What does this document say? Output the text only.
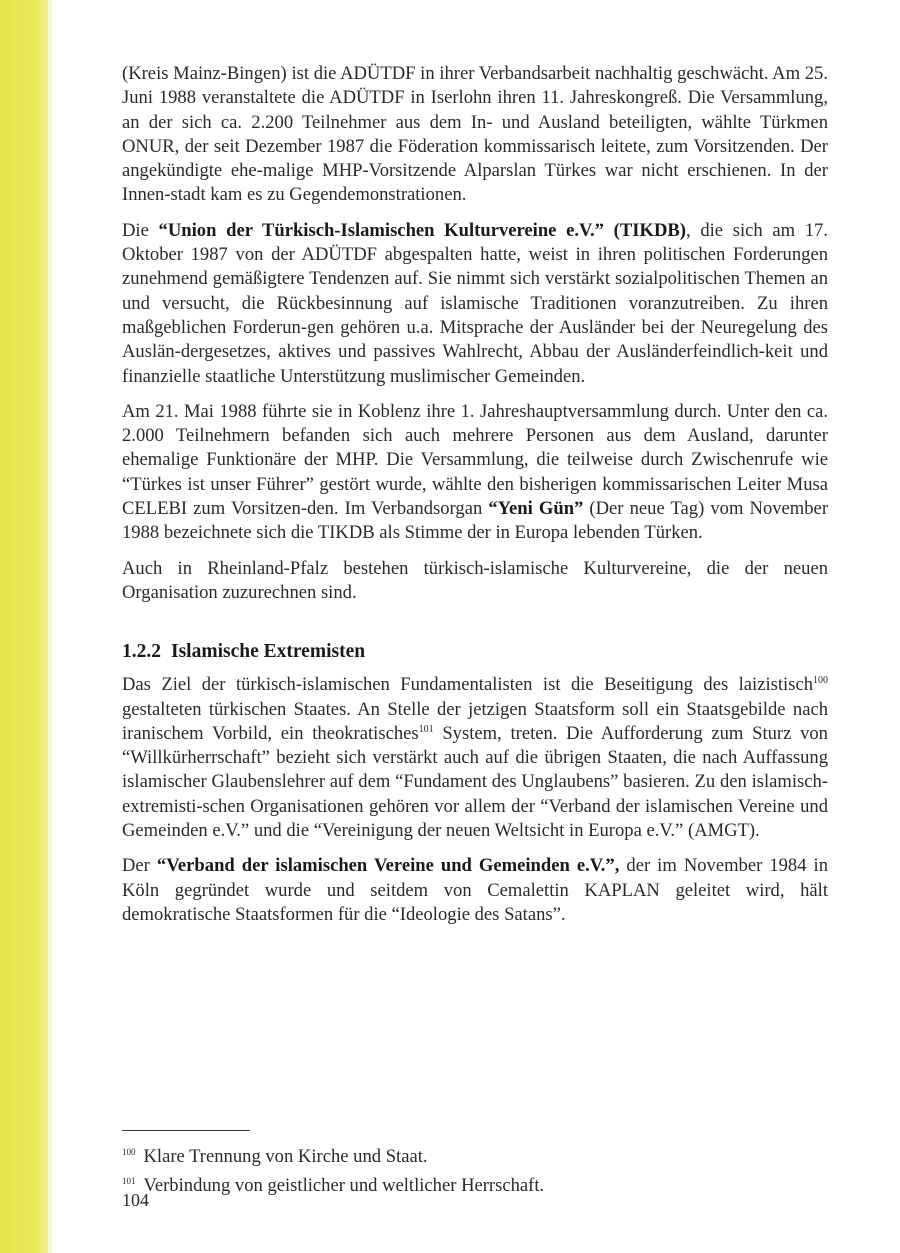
(Kreis Mainz-Bingen) ist die ADÜTDF in ihrer Verbandsarbeit nachhaltig geschwächt. Am 25. Juni 1988 veranstaltete die ADÜTDF in Iserlohn ihren 11. Jahreskongreß. Die Versammlung, an der sich ca. 2.200 Teilnehmer aus dem In- und Ausland beteiligten, wählte Türkmen ONUR, der seit Dezember 1987 die Föderation kommissarisch leitete, zum Vorsitzenden. Der angekündigte ehe-malige MHP-Vorsitzende Alparslan Türkes war nicht erschienen. In der Innen-stadt kam es zu Gegendemonstrationen.

Die “Union der Türkisch-Islamischen Kulturvereine e.V.” (TIKDB), die sich am 17. Oktober 1987 von der ADÜTDF abgespalten hatte, weist in ihren politischen Forderungen zunehmend gemäßigtere Tendenzen auf. Sie nimmt sich verstärkt sozialpolitischen Themen an und versucht, die Rückbesinnung auf islamische Traditionen voranzutreiben. Zu ihren maßgeblichen Forderun-gen gehören u.a. Mitsprache der Ausländer bei der Neuregelung des Auslän-dergesetzes, aktives und passives Wahlrecht, Abbau der Ausländerfeindlich-keit und finanzielle staatliche Unterstützung muslimischer Gemeinden.

Am 21. Mai 1988 führte sie in Koblenz ihre 1. Jahreshauptversammlung durch. Unter den ca. 2.000 Teilnehmern befanden sich auch mehrere Personen aus dem Ausland, darunter ehemalige Funktionäre der MHP. Die Versammlung, die teilweise durch Zwischenrufe wie “Türkes ist unser Führer” gestört wurde, wählte den bisherigen kommissarischen Leiter Musa CELEBI zum Vorsitzen-den. Im Verbandsorgan “Yeni Gün” (Der neue Tag) vom November 1988 bezeichnete sich die TIKDB als Stimme der in Europa lebenden Türken.

Auch in Rheinland-Pfalz bestehen türkisch-islamische Kulturvereine, die der neuen Organisation zuzurechnen sind.

1.2.2 Islamische Extremisten

Das Ziel der türkisch-islamischen Fundamentalisten ist die Beseitigung des laizistisch$^{100}$ gestalteten türkischen Staates. An Stelle der jetzigen Staatsform soll ein Staatsgebilde nach iranischem Vorbild, ein theokratisches$^{101}$ System, treten. Die Aufforderung zum Sturz von “Willkürherrschaft” bezieht sich verstärkt auch auf die übrigen Staaten, die nach Auffassung islamischer Glaubenslehrer auf dem “Fundament des Unglaubens” basieren. Zu den islamisch-extremisti-schen Organisationen gehören vor allem der “Verband der islamischen Vereine und Gemeinden e.V.” und die “Vereinigung der neuen Weltsicht in Europa e.V.” (AMGT).

Der “Verband der islamischen Vereine und Gemeinden e.V.”, der im November 1984 in Köln gegründet wurde und seitdem von Cemalettin KAPLAN geleitet wird, hält demokratische Staatsformen für die “Ideologie des Satans”.

$^{100}$ Klare Trennung von Kirche und Staat.

$^{101}$ Verbindung von geistlicher und weltlicher Herrschaft.

104
